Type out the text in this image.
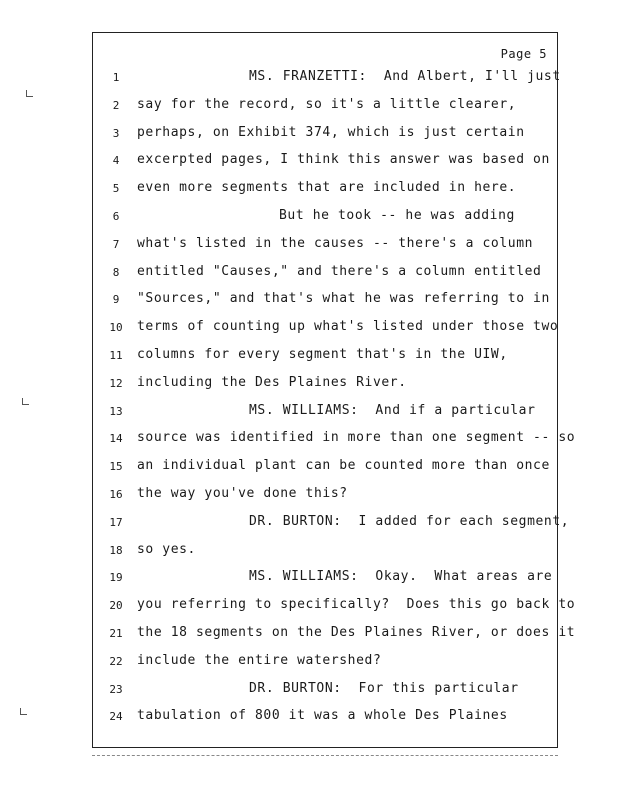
Page 5
1	MS. FRANZETTI:  And Albert, I'll just
2	say for the record, so it's a little clearer,
3	perhaps, on Exhibit 374, which is just certain
4	excerpted pages, I think this answer was based on
5	even more segments that are included in here.
6	But he took -- he was adding
7	what's listed in the causes -- there's a column
8	entitled "Causes," and there's a column entitled
9	"Sources," and that's what he was referring to in
10	terms of counting up what's listed under those two
11	columns for every segment that's in the UIW,
12	including the Des Plaines River.
13	MS. WILLIAMS:  And if a particular
14	source was identified in more than one segment -- so
15	an individual plant can be counted more than once
16	the way you've done this?
17	DR. BURTON:  I added for each segment,
18	so yes.
19	MS. WILLIAMS:  Okay.  What areas are
20	you referring to specifically?  Does this go back to
21	the 18 segments on the Des Plaines River, or does it
22	include the entire watershed?
23	DR. BURTON:  For this particular
24	tabulation of 800 it was a whole Des Plaines
